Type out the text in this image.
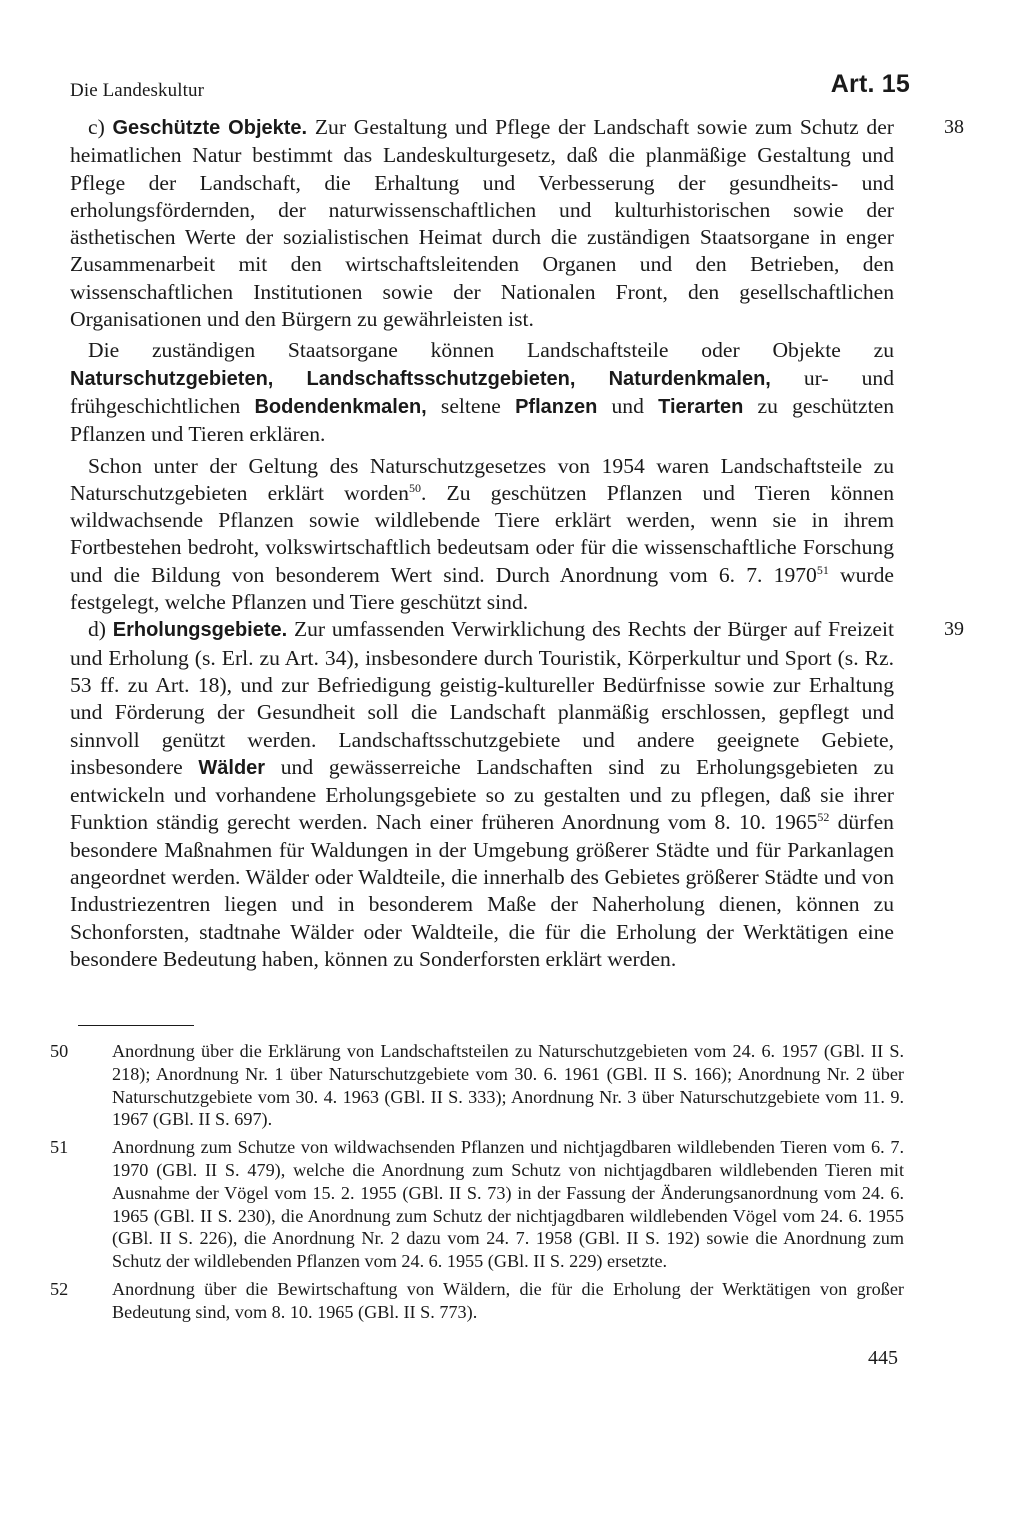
Die Landeskultur	Art. 15

38
c) Geschützte Objekte. Zur Gestaltung und Pflege der Landschaft sowie zum Schutz der heimatlichen Natur bestimmt das Landeskulturgesetz, daß die planmäßige Gestaltung und Pflege der Landschaft, die Erhaltung und Verbesserung der gesundheits- und erholungsfördernden, der naturwissenschaftlichen und kulturhistorischen sowie der ästhetischen Werte der sozialistischen Heimat durch die zuständigen Staatsorgane in enger Zusammenarbeit mit den wirtschaftsleitenden Organen und den Betrieben, den wissenschaftlichen Institutionen sowie der Nationalen Front, den gesellschaftlichen Organisationen und den Bürgern zu gewährleisten ist.

Die zuständigen Staatsorgane können Landschaftsteile oder Objekte zu Naturschutzgebieten, Landschaftsschutzgebieten, Naturdenkmalen, ur- und frühgeschichtlichen Bodendenkmalen, seltene Pflanzen und Tierarten zu geschützten Pflanzen und Tieren erklären.

Schon unter der Geltung des Naturschutzgesetzes von 1954 waren Landschaftsteile zu Naturschutzgebieten erklärt worden$^{50}$. Zu geschützen Pflanzen und Tieren können wildwachsende Pflanzen sowie wildlebende Tiere erklärt werden, wenn sie in ihrem Fortbestehen bedroht, volkswirtschaftlich bedeutsam oder für die wissenschaftliche Forschung und die Bildung von besonderem Wert sind. Durch Anordnung vom 6. 7. 1970$^{51}$ wurde festgelegt, welche Pflanzen und Tiere geschützt sind.

39
d) Erholungsgebiete. Zur umfassenden Verwirklichung des Rechts der Bürger auf Freizeit und Erholung (s. Erl. zu Art. 34), insbesondere durch Touristik, Körperkultur und Sport (s. Rz. 53 ff. zu Art. 18), und zur Befriedigung geistig-kultureller Bedürfnisse sowie zur Erhaltung und Förderung der Gesundheit soll die Landschaft planmäßig erschlossen, gepflegt und sinnvoll genützt werden. Landschaftsschutzgebiete und andere geeignete Gebiete, insbesondere Wälder und gewässerreiche Landschaften sind zu Erholungsgebieten zu entwickeln und vorhandene Erholungsgebiete so zu gestalten und zu pflegen, daß sie ihrer Funktion ständig gerecht werden. Nach einer früheren Anordnung vom 8. 10. 1965$^{52}$ dürfen besondere Maßnahmen für Waldungen in der Umgebung größerer Städte und für Parkanlagen angeordnet werden. Wälder oder Waldteile, die innerhalb des Gebietes größerer Städte und von Industriezentren liegen und in besonderem Maße der Naherholung dienen, können zu Schonforsten, stadtnahe Wälder oder Waldteile, die für die Erholung der Werktätigen eine besondere Bedeutung haben, können zu Sonderforsten erklärt werden.

50 Anordnung über die Erklärung von Landschaftsteilen zu Naturschutzgebieten vom 24. 6. 1957 (GBl. II S. 218); Anordnung Nr. 1 über Naturschutzgebiete vom 30. 6. 1961 (GBl. II S. 166); Anordnung Nr. 2 über Naturschutzgebiete vom 30. 4. 1963 (GBl. II S. 333); Anordnung Nr. 3 über Naturschutzgebiete vom 11. 9. 1967 (GBl. II S. 697).
51 Anordnung zum Schutze von wildwachsenden Pflanzen und nichtjagdbaren wildlebenden Tieren vom 6. 7. 1970 (GBl. II S. 479), welche die Anordnung zum Schutz von nichtjagdbaren wildlebenden Tieren mit Ausnahme der Vögel vom 15. 2. 1955 (GBl. II S. 73) in der Fassung der Änderungsanordnung vom 24. 6. 1965 (GBl. II S. 230), die Anordnung zum Schutz der nichtjagdbaren wildlebenden Vögel vom 24. 6. 1955 (GBl. II S. 226), die Anordnung Nr. 2 dazu vom 24. 7. 1958 (GBl. II S. 192) sowie die Anordnung zum Schutz der wildlebenden Pflanzen vom 24. 6. 1955 (GBl. II S. 229) ersetzte.
52 Anordnung über die Bewirtschaftung von Wäldern, die für die Erholung der Werktätigen von großer Bedeutung sind, vom 8. 10. 1965 (GBl. II S. 773).
445
